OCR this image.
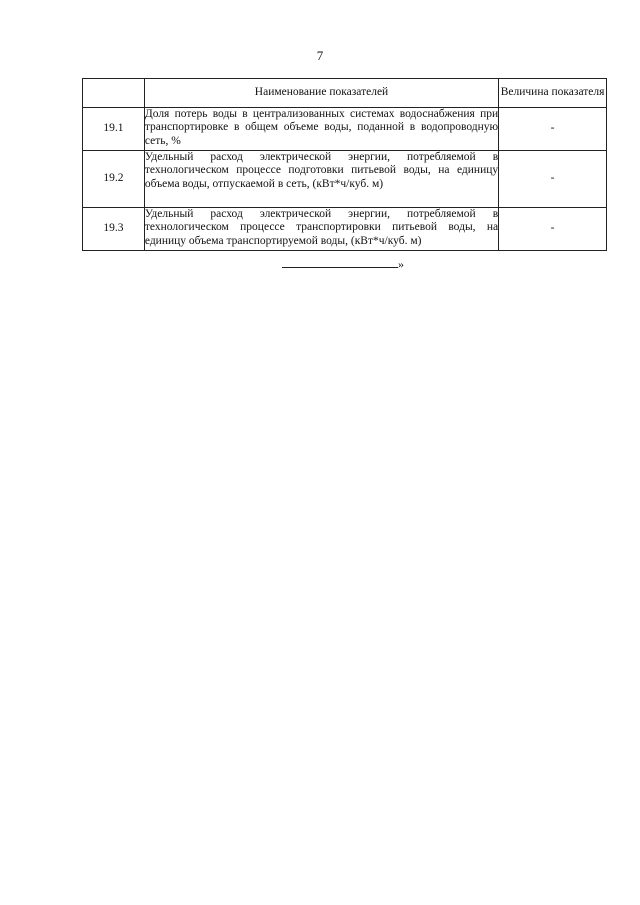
7
	Наименование показателей	Величина показателя
19.1	Доля потерь воды в централизованных системах водоснабжения при транспортировке в общем объеме воды, поданной в водопроводную сеть, %	-
19.2	Удельный расход электрической энергии, потребляемой в технологическом процессе подготовки питьевой воды, на единицу объема воды, отпускаемой в сеть, (кВт*ч/куб. м)	-
19.3	Удельный расход электрической энергии, потребляемой в технологическом процессе транспортировки питьевой воды, на единицу объема транспортируемой воды, (кВт*ч/куб. м)	-
»
